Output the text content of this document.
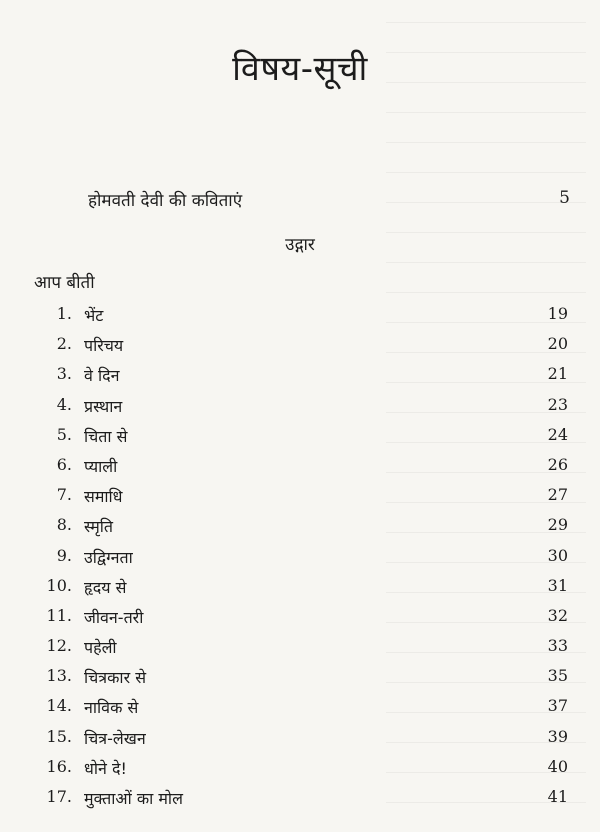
विषय-सूची
होमवती देवी की कविताएं	5
उद्गार
आप बीती
1. भेंट	19
2. परिचय	20
3. वे दिन	21
4. प्रस्थान	23
5. चिता से	24
6. प्याली	26
7. समाधि	27
8. स्मृति	29
9. उद्विग्नता	30
10. हृदय से	31
11. जीवन-तरी	32
12. पहेली	33
13. चित्रकार से	35
14. नाविक से	37
15. चित्र-लेखन	39
16. धोने दे!	40
17. मुक्ताओं का मोल	41
